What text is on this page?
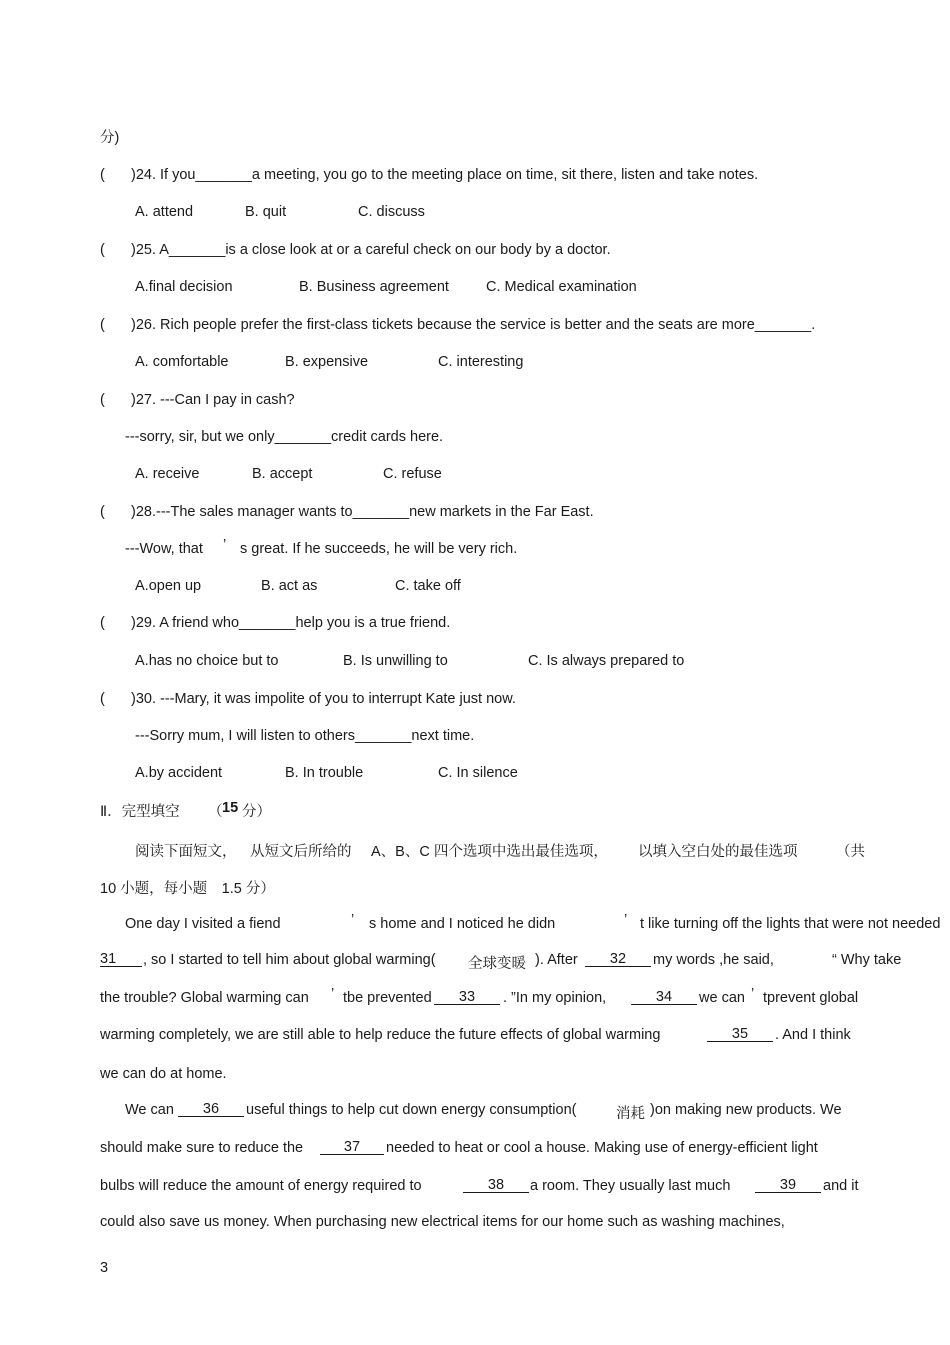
分)
( )24. If you_______a meeting, you go to the meeting place on time, sit there, listen and take notes.
A. attend	B. quit	C. discuss
( )25. A_______is a close look at or a careful check on our body by a doctor.
A.final decision	B. Business agreement	C. Medical examination
( )26. Rich people prefer the first-class tickets because the service is better and the seats are more_______.
A. comfortable	B. expensive	C. interesting
( )27. ---Can I pay in cash?
---sorry, sir, but we only_______credit cards here.
A. receive	B. accept	C. refuse
( )28.---The sales manager wants to_______new markets in the Far East.
---Wow, that ’ s great. If he succeeds, he will be very rich.
A.open up	B. act as	C. take off
( )29. A friend who_______help you is a true friend.
A.has no choice but to	B. Is unwilling to	C. Is always prepared to
( )30. ---Mary, it was impolite of you to interrupt Kate just now.
---Sorry mum, I will listen to others_______next time.
A.by accident	B. In trouble	C. In silence
Ⅱ．完型填空 （ 15 分）
阅读下面短文， 从短文后所给的 A、B、C 四个选项中选出最佳选项， 以填入空白处的最佳选项	（共
10 小题，每小题　1.5 分）
One day I visited a fiend	’ s home and I noticed he didn	’ t like turning off the lights that were not needed
31	, so I started to tell him about global warming( 全球变暖 ). After	32	my words ,he said,	“ Why take
the trouble? Global warming can ’ tbe prevented	33	. ”In my opinion,	34	we can ’ tprevent global
warming completely, we are still able to help reduce the future effects of global warming	35	. And I think
we can do at home.
We can	36	useful things to help cut down energy consumption(	消耗 )on making new products. We
should make sure to reduce the	37	needed to heat or cool a house. Making use of energy-efficient light
bulbs will reduce the amount of energy required to	38	a room. They usually last much	39	and it
could also save us money. When purchasing new electrical items for our home such as washing machines,
3
